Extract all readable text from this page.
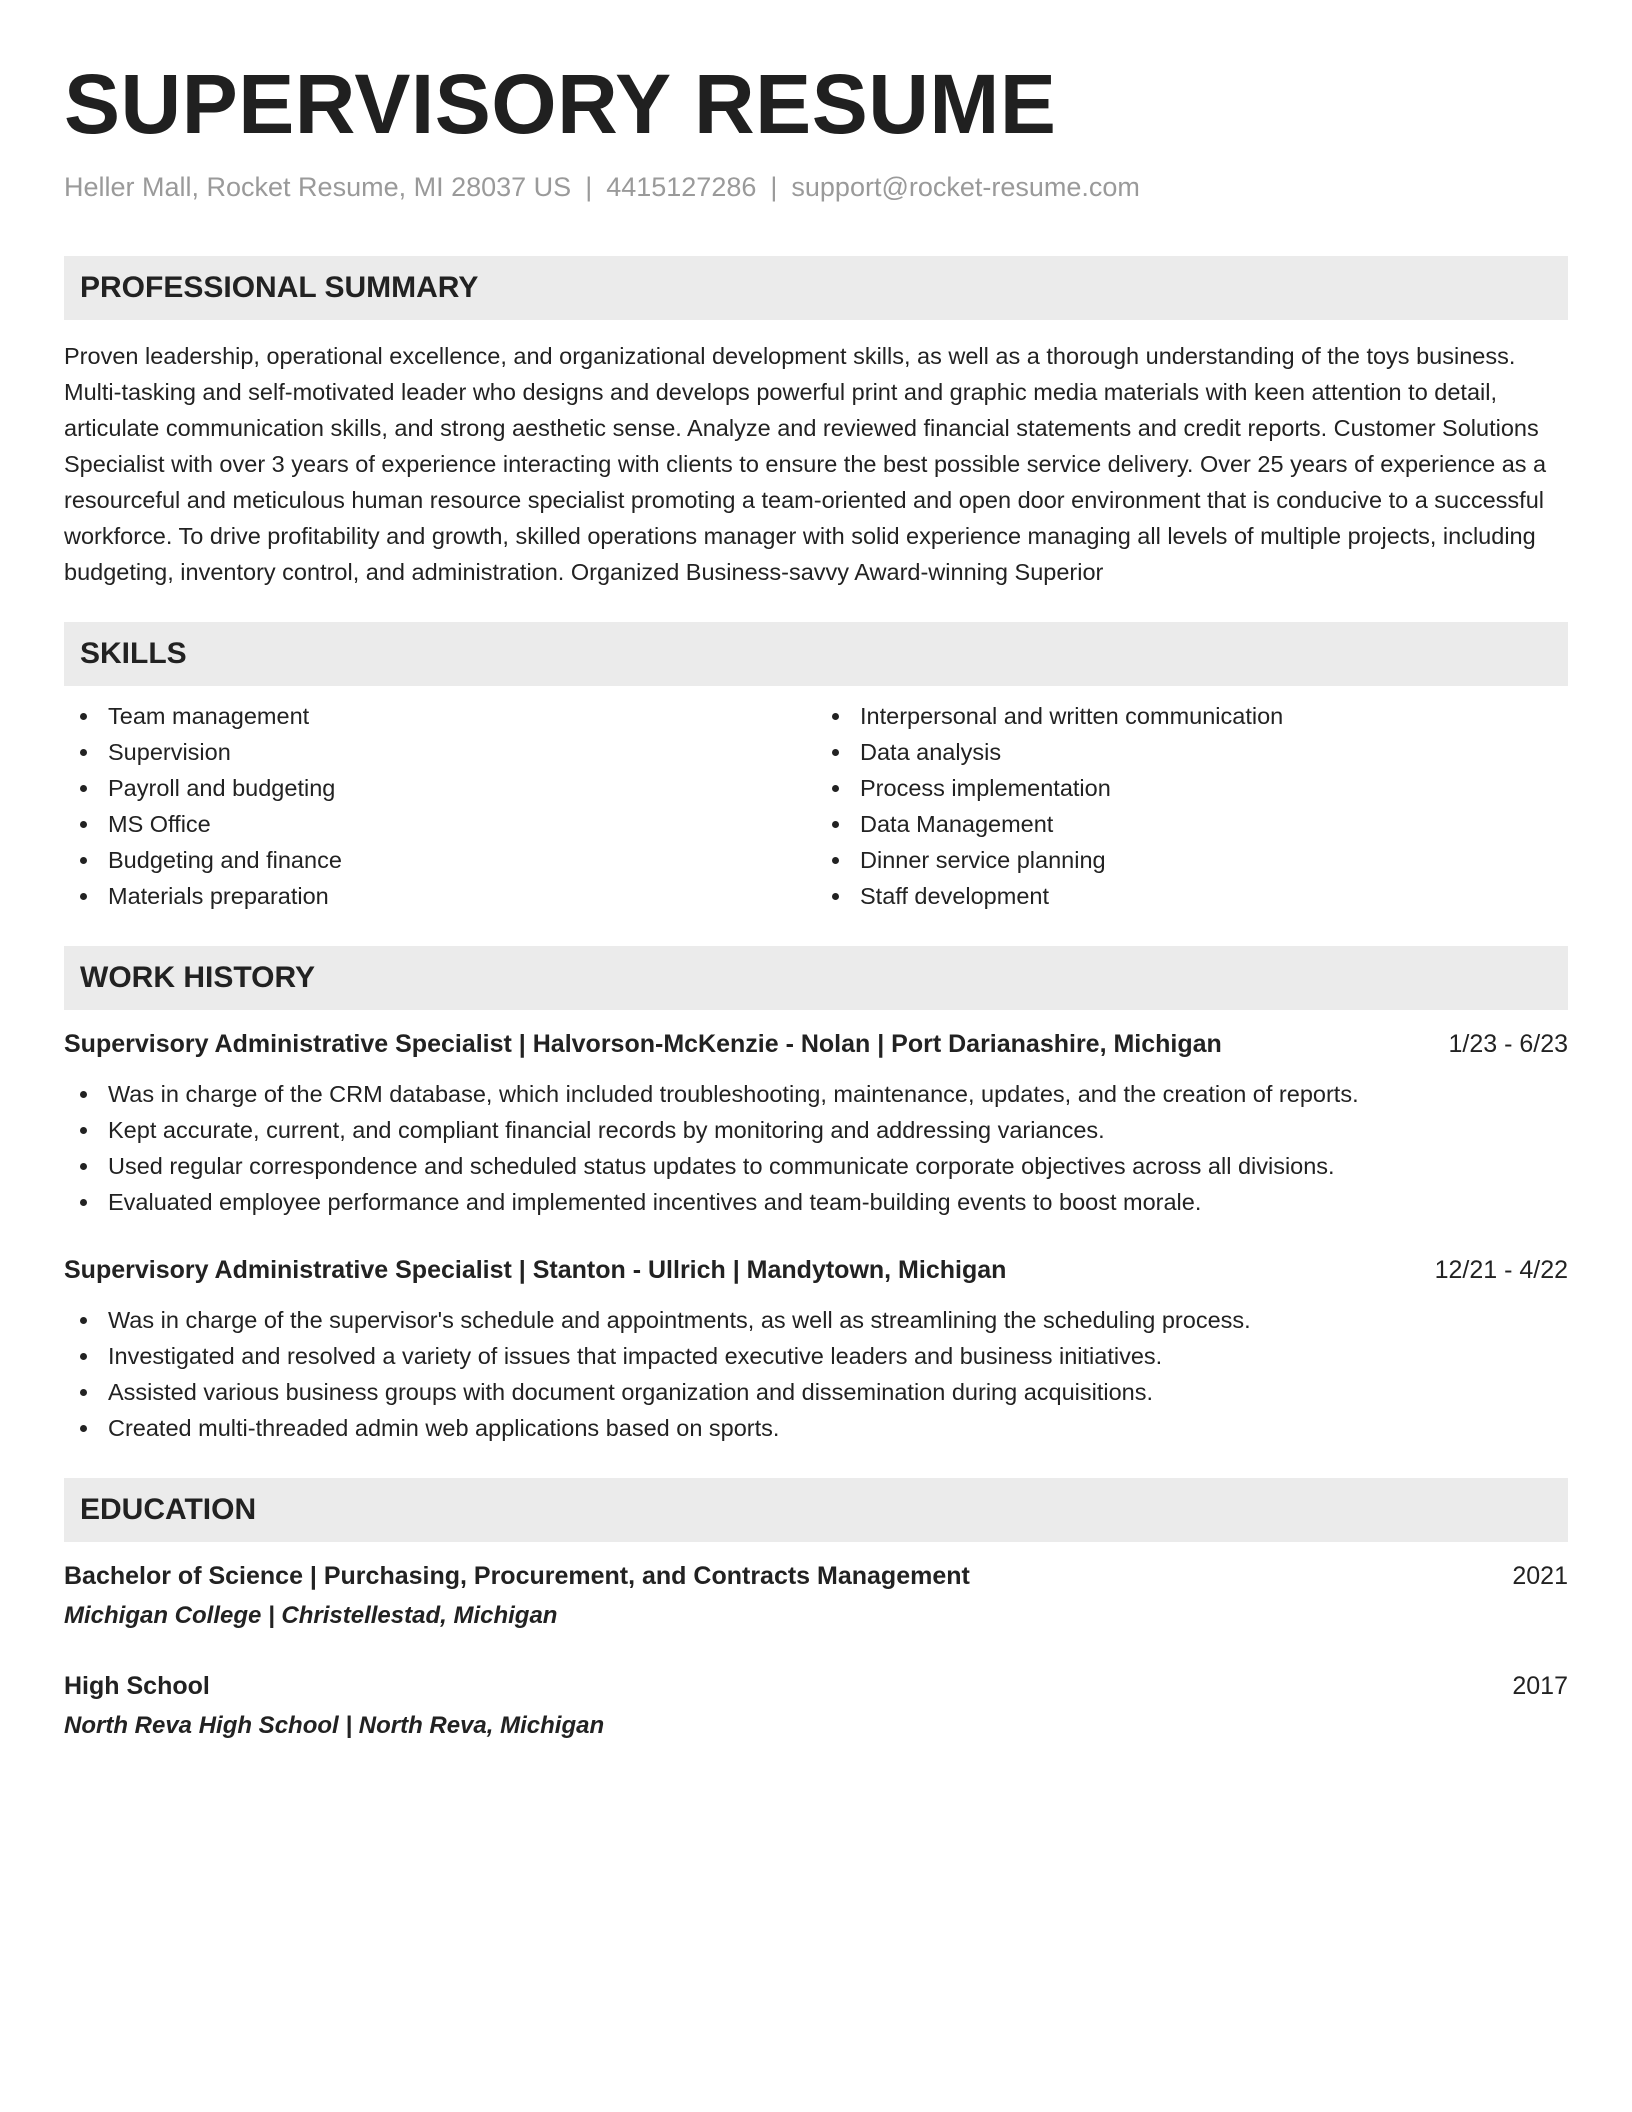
SUPERVISORY RESUME
Heller Mall, Rocket Resume, MI 28037 US | 4415127286 | support@rocket-resume.com
PROFESSIONAL SUMMARY

Proven leadership, operational excellence, and organizational development skills, as well as a thorough understanding of the toys business. Multi-tasking and self-motivated leader who designs and develops powerful print and graphic media materials with keen attention to detail, articulate communication skills, and strong aesthetic sense. Analyze and reviewed financial statements and credit reports. Customer Solutions Specialist with over 3 years of experience interacting with clients to ensure the best possible service delivery. Over 25 years of experience as a resourceful and meticulous human resource specialist promoting a team-oriented and open door environment that is conducive to a successful workforce. To drive profitability and growth, skilled operations manager with solid experience managing all levels of multiple projects, including budgeting, inventory control, and administration. Organized Business-savvy Award-winning Superior

SKILLS
Team management
Supervision
Payroll and budgeting
MS Office
Budgeting and finance
Materials preparation
Interpersonal and written communication
Data analysis
Process implementation
Data Management
Dinner service planning
Staff development
WORK HISTORY
Supervisory Administrative Specialist | Halvorson-McKenzie - Nolan | Port Darianashire, Michigan	1/23 - 6/23
Was in charge of the CRM database, which included troubleshooting, maintenance, updates, and the creation of reports.
Kept accurate, current, and compliant financial records by monitoring and addressing variances.
Used regular correspondence and scheduled status updates to communicate corporate objectives across all divisions.
Evaluated employee performance and implemented incentives and team-building events to boost morale.
Supervisory Administrative Specialist | Stanton - Ullrich | Mandytown, Michigan	12/21 - 4/22
Was in charge of the supervisor's schedule and appointments, as well as streamlining the scheduling process.
Investigated and resolved a variety of issues that impacted executive leaders and business initiatives.
Assisted various business groups with document organization and dissemination during acquisitions.
Created multi-threaded admin web applications based on sports.
EDUCATION
Bachelor of Science | Purchasing, Procurement, and Contracts Management	2021
Michigan College | Christellestad, Michigan
High School	2017
North Reva High School | North Reva, Michigan
